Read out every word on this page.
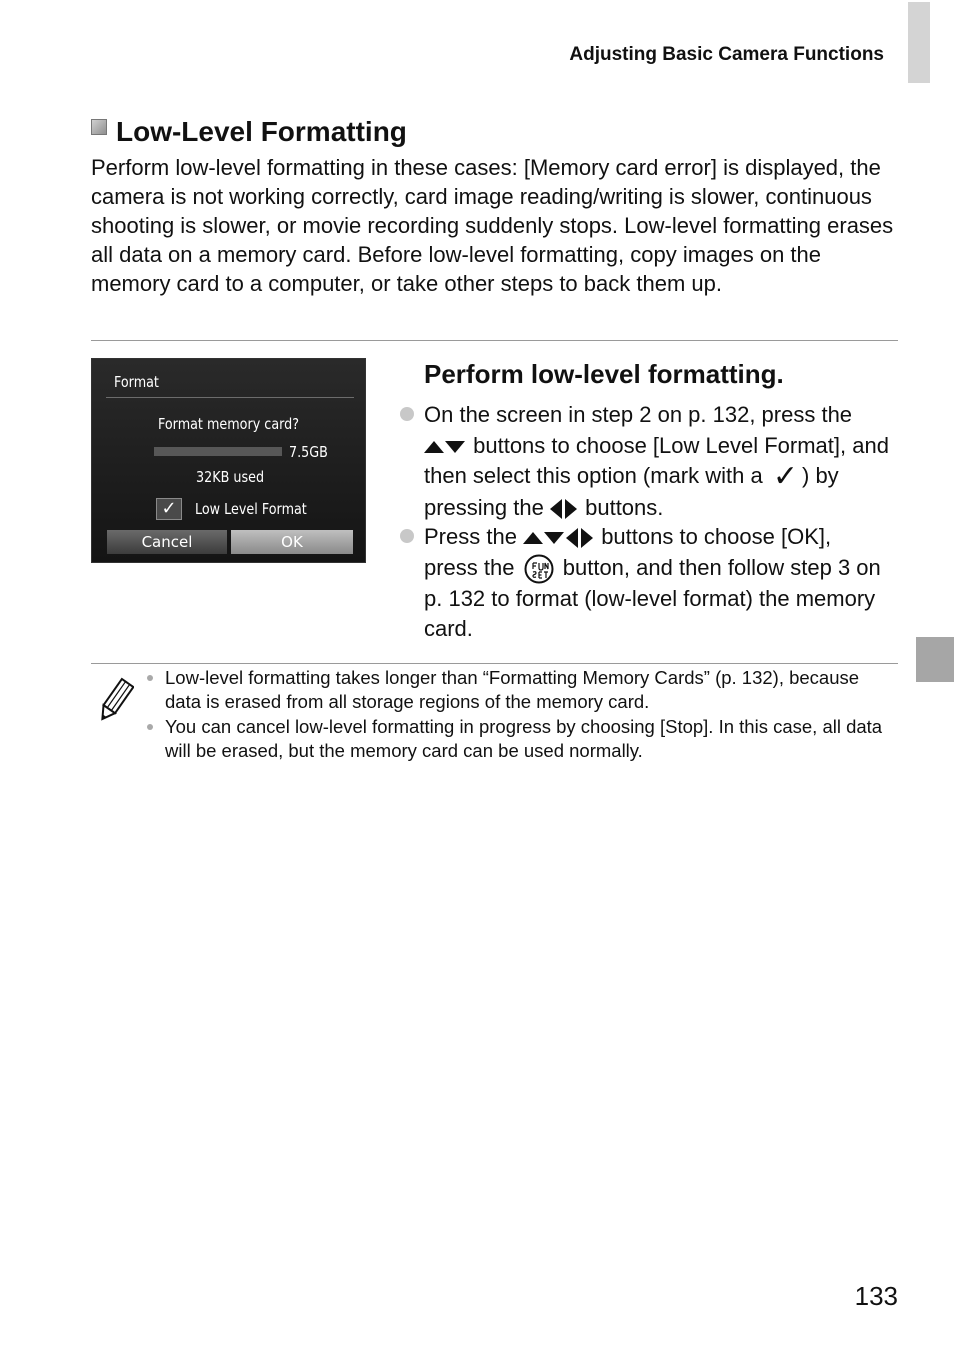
Adjusting Basic Camera Functions
Low-Level Formatting
Perform low-level formatting in these cases: [Memory card error] is displayed, the camera is not working correctly, card image reading/writing is slower, continuous shooting is slower, or movie recording suddenly stops. Low-level formatting erases all data on a memory card. Before low-level formatting, copy images on the memory card to a computer, or take other steps to back them up.
Format
Format memory card?
7.5GB
32KB used
✓	Low Level Format
Cancel	OK
Perform low-level formatting.
On the screen in step 2 on p. 132, press the
buttons to choose [Low Level Format], and then select this option (mark with a ✓ ) by pressing the buttons.
Press the	buttons to choose [OK],
press the button, and then follow step 3 on p. 132 to format (low-level format) the memory card.
Low-level formatting takes longer than “Formatting Memory Cards” (p. 132), because data is erased from all storage regions of the memory card.
You can cancel low-level formatting in progress by choosing [Stop]. In this case, all data will be erased, but the memory card can be used normally.
133
